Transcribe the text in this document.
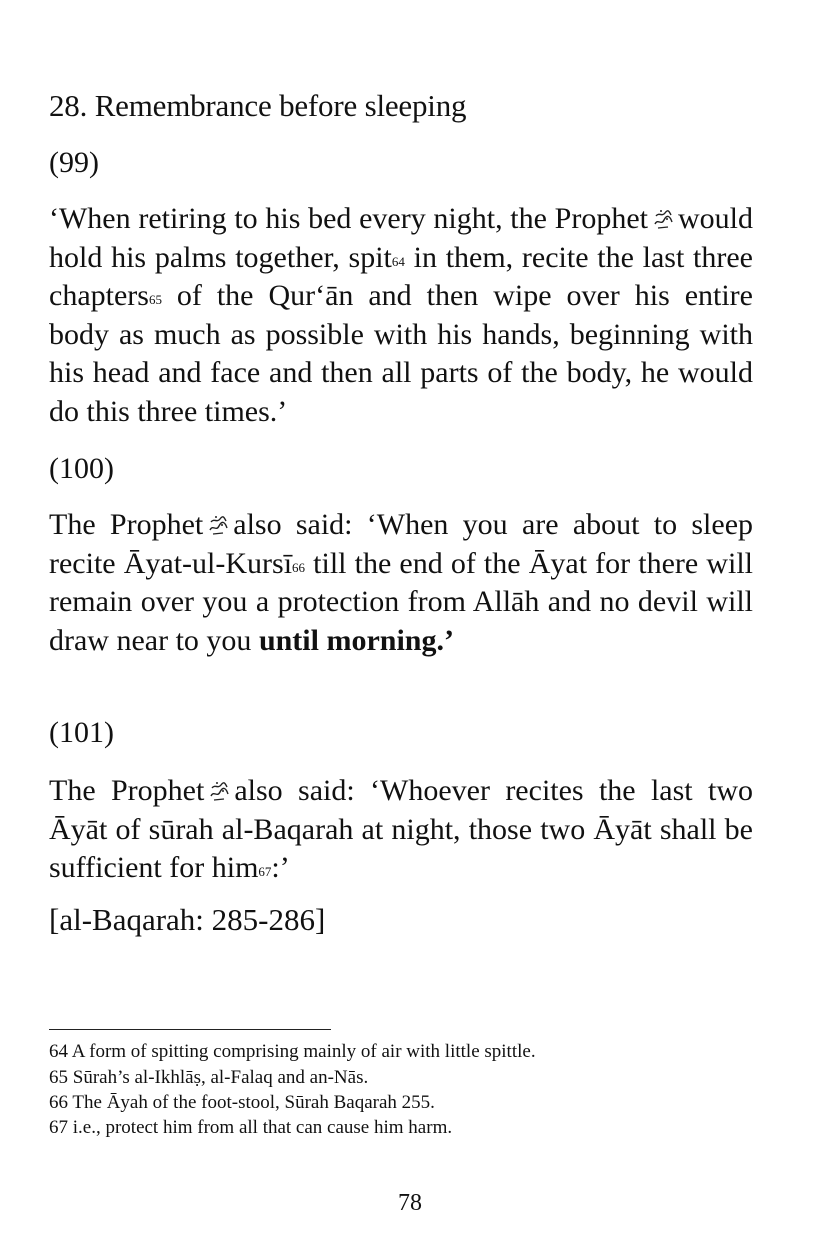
28. Remembrance before sleeping
(99)
‘When retiring to his bed every night, the Prophet would hold his palms together, spit$^{64}$ in them, recite the last three chapters$^{65}$ of the Qur‘ān and then wipe over his entire body as much as possible with his hands, beginning with his head and face and then all parts of the body, he would do this three times.’
(100)
The Prophet also said: ‘When you are about to sleep recite Āyat-ul-Kursī$^{66}$ till the end of the Āyat for there will remain over you a protection from Allāh and no devil will draw near to you until morning.’
(101)
The Prophet also said: ‘Whoever recites the last two Āyāt of sūrah al-Baqarah at night, those two Āyāt shall be sufficient for him$^{67}$:’
[al-Baqarah: 285-286]
64 A form of spitting comprising mainly of air with little spittle.
65 Sūrah’s al-Ikhlāṣ, al-Falaq and an-Nās.
66 The Āyah of the foot-stool, Sūrah Baqarah 255.
67 i.e., protect him from all that can cause him harm.
78
